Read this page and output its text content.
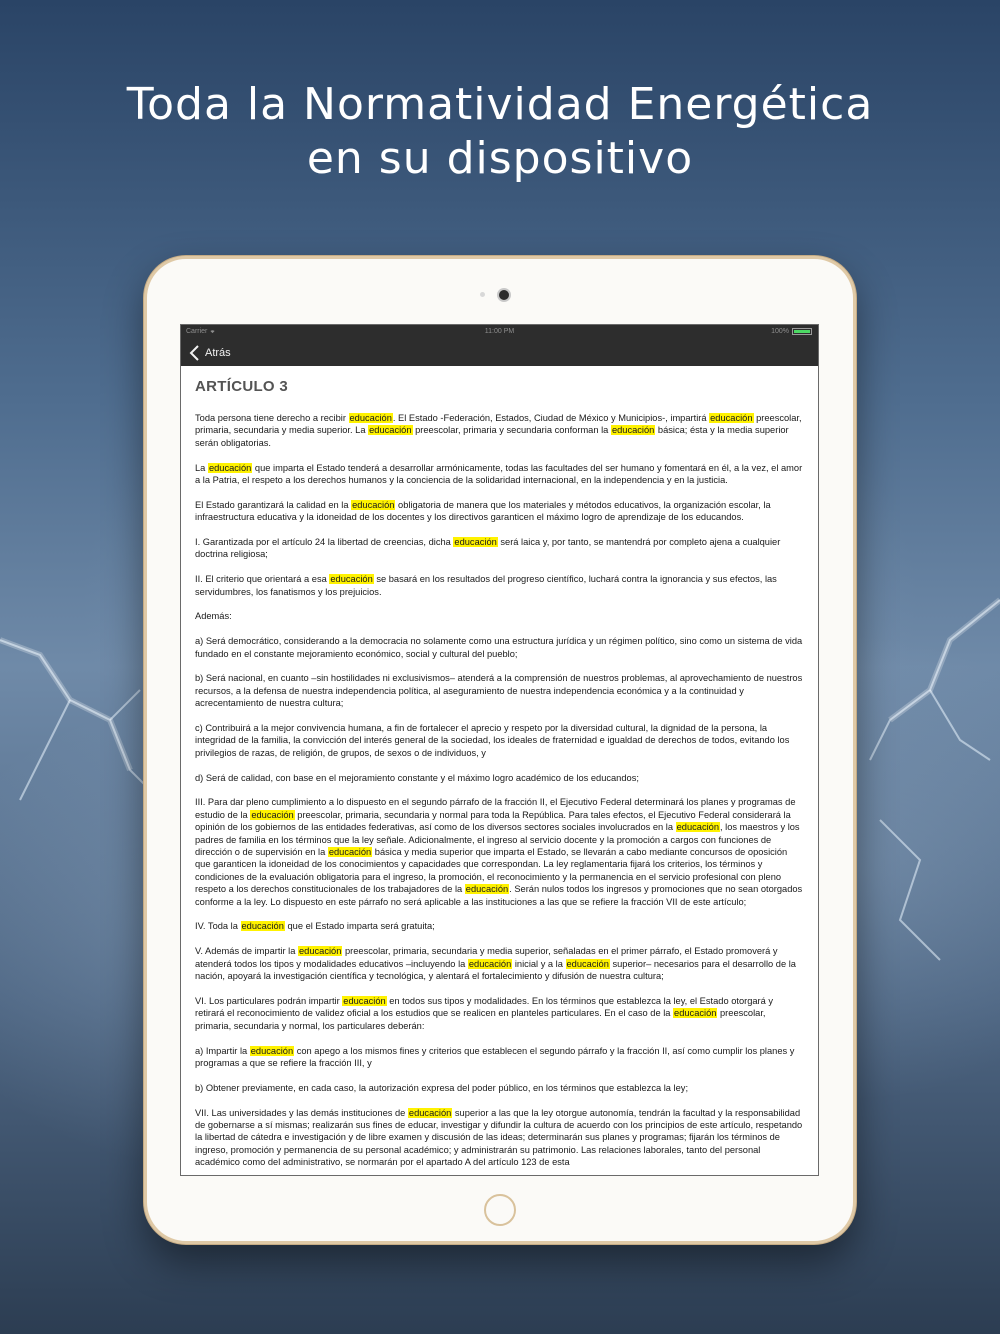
Toda la Normatividad Energética
en su dispositivo
Carrier	11:00 PM	100%
Atrás
ARTÍCULO 3

Toda persona tiene derecho a recibir educación. El Estado -Federación, Estados, Ciudad de México y Municipios-, impartirá educación preescolar, primaria, secundaria y media superior. La educación preescolar, primaria y secundaria conforman la educación básica; ésta y la media superior serán obligatorias.

La educación que imparta el Estado tenderá a desarrollar armónicamente, todas las facultades del ser humano y fomentará en él, a la vez, el amor a la Patria, el respeto a los derechos humanos y la conciencia de la solidaridad internacional, en la independencia y en la justicia.

El Estado garantizará la calidad en la educación obligatoria de manera que los materiales y métodos educativos, la organización escolar, la infraestructura educativa y la idoneidad de los docentes y los directivos garanticen el máximo logro de aprendizaje de los educandos.

I. Garantizada por el artículo 24 la libertad de creencias, dicha educación será laica y, por tanto, se mantendrá por completo ajena a cualquier doctrina religiosa;

II. El criterio que orientará a esa educación se basará en los resultados del progreso científico, luchará contra la ignorancia y sus efectos, las servidumbres, los fanatismos y los prejuicios.

Además:

a) Será democrático, considerando a la democracia no solamente como una estructura jurídica y un régimen político, sino como un sistema de vida fundado en el constante mejoramiento económico, social y cultural del pueblo;

b) Será nacional, en cuanto –sin hostilidades ni exclusivismos– atenderá a la comprensión de nuestros problemas, al aprovechamiento de nuestros recursos, a la defensa de nuestra independencia política, al aseguramiento de nuestra independencia económica y a la continuidad y acrecentamiento de nuestra cultura;

c) Contribuirá a la mejor convivencia humana, a fin de fortalecer el aprecio y respeto por la diversidad cultural, la dignidad de la persona, la integridad de la familia, la convicción del interés general de la sociedad, los ideales de fraternidad e igualdad de derechos de todos, evitando los privilegios de razas, de religión, de grupos, de sexos o de individuos, y

d) Será de calidad, con base en el mejoramiento constante y el máximo logro académico de los educandos;

III. Para dar pleno cumplimiento a lo dispuesto en el segundo párrafo de la fracción II, el Ejecutivo Federal determinará los planes y programas de estudio de la educación preescolar, primaria, secundaria y normal para toda la República. Para tales efectos, el Ejecutivo Federal considerará la opinión de los gobiernos de las entidades federativas, así como de los diversos sectores sociales involucrados en la educación, los maestros y los padres de familia en los términos que la ley señale. Adicionalmente, el ingreso al servicio docente y la promoción a cargos con funciones de dirección o de supervisión en la educación básica y media superior que imparta el Estado, se llevarán a cabo mediante concursos de oposición que garanticen la idoneidad de los conocimientos y capacidades que correspondan. La ley reglamentaria fijará los criterios, los términos y condiciones de la evaluación obligatoria para el ingreso, la promoción, el reconocimiento y la permanencia en el servicio profesional con pleno respeto a los derechos constitucionales de los trabajadores de la educación. Serán nulos todos los ingresos y promociones que no sean otorgados conforme a la ley. Lo dispuesto en este párrafo no será aplicable a las instituciones a las que se refiere la fracción VII de este artículo;

IV. Toda la educación que el Estado imparta será gratuita;

V. Además de impartir la educación preescolar, primaria, secundaria y media superior, señaladas en el primer párrafo, el Estado promoverá y atenderá todos los tipos y modalidades educativos –incluyendo la educación inicial y a la educación superior– necesarios para el desarrollo de la nación, apoyará la investigación científica y tecnológica, y alentará el fortalecimiento y difusión de nuestra cultura;

VI. Los particulares podrán impartir educación en todos sus tipos y modalidades. En los términos que establezca la ley, el Estado otorgará y retirará el reconocimiento de validez oficial a los estudios que se realicen en planteles particulares. En el caso de la educación preescolar, primaria, secundaria y normal, los particulares deberán:

a) Impartir la educación con apego a los mismos fines y criterios que establecen el segundo párrafo y la fracción II, así como cumplir los planes y programas a que se refiere la fracción III, y

b) Obtener previamente, en cada caso, la autorización expresa del poder público, en los términos que establezca la ley;

VII. Las universidades y las demás instituciones de educación superior a las que la ley otorgue autonomía, tendrán la facultad y la responsabilidad de gobernarse a sí mismas; realizarán sus fines de educar, investigar y difundir la cultura de acuerdo con los principios de este artículo, respetando la libertad de cátedra e investigación y de libre examen y discusión de las ideas; determinarán sus planes y programas; fijarán los términos de ingreso, promoción y permanencia de su personal académico; y administrarán su patrimonio. Las relaciones laborales, tanto del personal académico como del administrativo, se normarán por el apartado A del artículo 123 de esta
